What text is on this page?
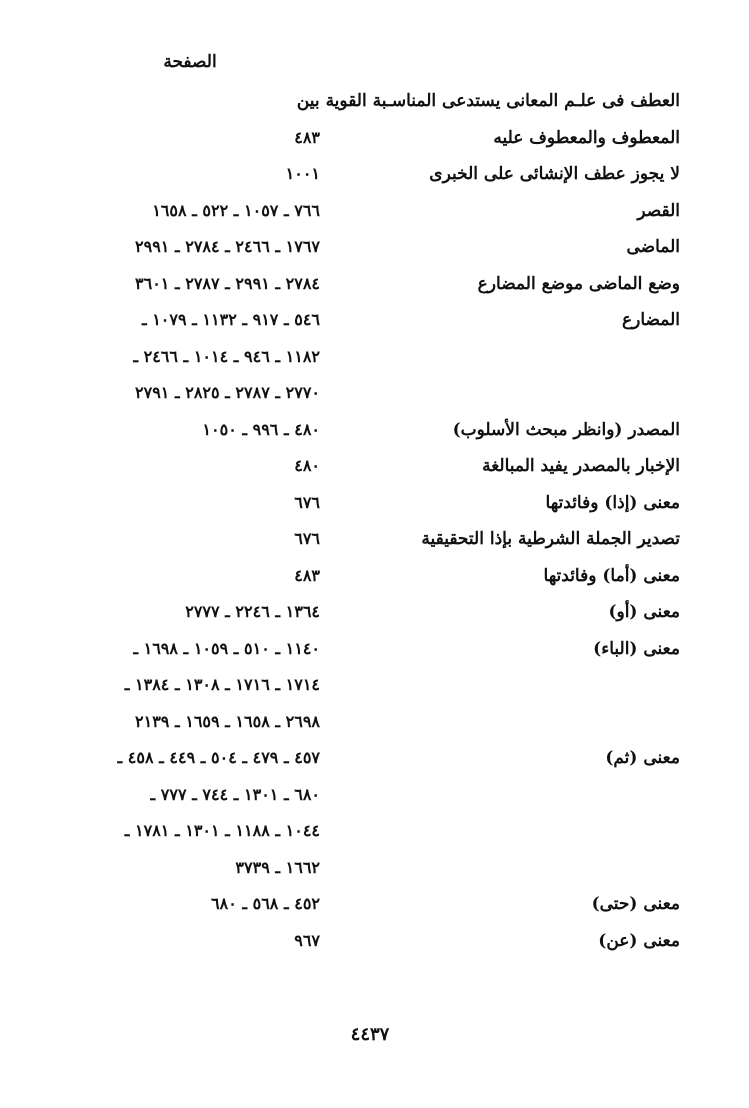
الصفحة
العطف فى علـم المعانى يستدعى المناسـبة القوية بين
المعطوف والمعطوف عليه
٤٨٣
لا يجوز عطف الإنشائى على الخبرى
١٠٠١
القصر
٧٦٦ ـ ١٠٥٧ ـ ٥٢٢ ـ ١٦٥٨
الماضى
١٧٦٧ ـ ٢٤٦٦ ـ ٢٧٨٤ ـ ٢٩٩١
وضع الماضى موضع المضارع
٢٧٨٤ ـ ٢٩٩١ ـ ٢٧٨٧ ـ ٣٦٠١
المضارع
٥٤٦ ـ ٩١٧ ـ ١١٣٢ ـ ١٠٧٩ ـ
١١٨٢ ـ ٩٤٦ ـ ١٠١٤ ـ ٢٤٦٦ ـ
٢٧٧٠ ـ ٢٧٨٧ ـ ٢٨٢٥ ـ ٢٧٩١
المصدر (وانظر مبحث الأسلوب)
٤٨٠ ـ ٩٩٦ ـ ١٠٥٠
الإخبار بالمصدر يفيد المبالغة
٤٨٠
معنى (إذا) وفائدتها
٦٧٦
تصدير الجملة الشرطية بإذا التحقيقية
٦٧٦
معنى (أما) وفائدتها
٤٨٣
معنى (أو)
١٣٦٤ ـ ٢٢٤٦ ـ ٢٧٧٧
معنى (الباء)
١١٤٠ ـ ٥١٠ ـ ١٠٥٩ ـ ١٦٩٨ ـ
١٧١٤ ـ ١٧١٦ ـ ١٣٠٨ ـ ١٣٨٤ ـ
٢٦٩٨ ـ ١٦٥٨ ـ ١٦٥٩ ـ ٢١٣٩
معنى (ثم)
٤٥٧ ـ ٤٧٩ ـ ٥٠٤ ـ ٤٤٩ ـ ٤٥٨ ـ
٦٨٠ ـ ١٣٠١ ـ ٧٤٤ ـ ٧٧٧ ـ
١٠٤٤ ـ ١١٨٨ ـ ١٣٠١ ـ ١٧٨١ ـ
١٦٦٢ ـ ٣٧٣٩
معنى (حتى)
٤٥٢ ـ ٥٦٨ ـ ٦٨٠
معنى (عن)
٩٦٧
٤٤٣٧
